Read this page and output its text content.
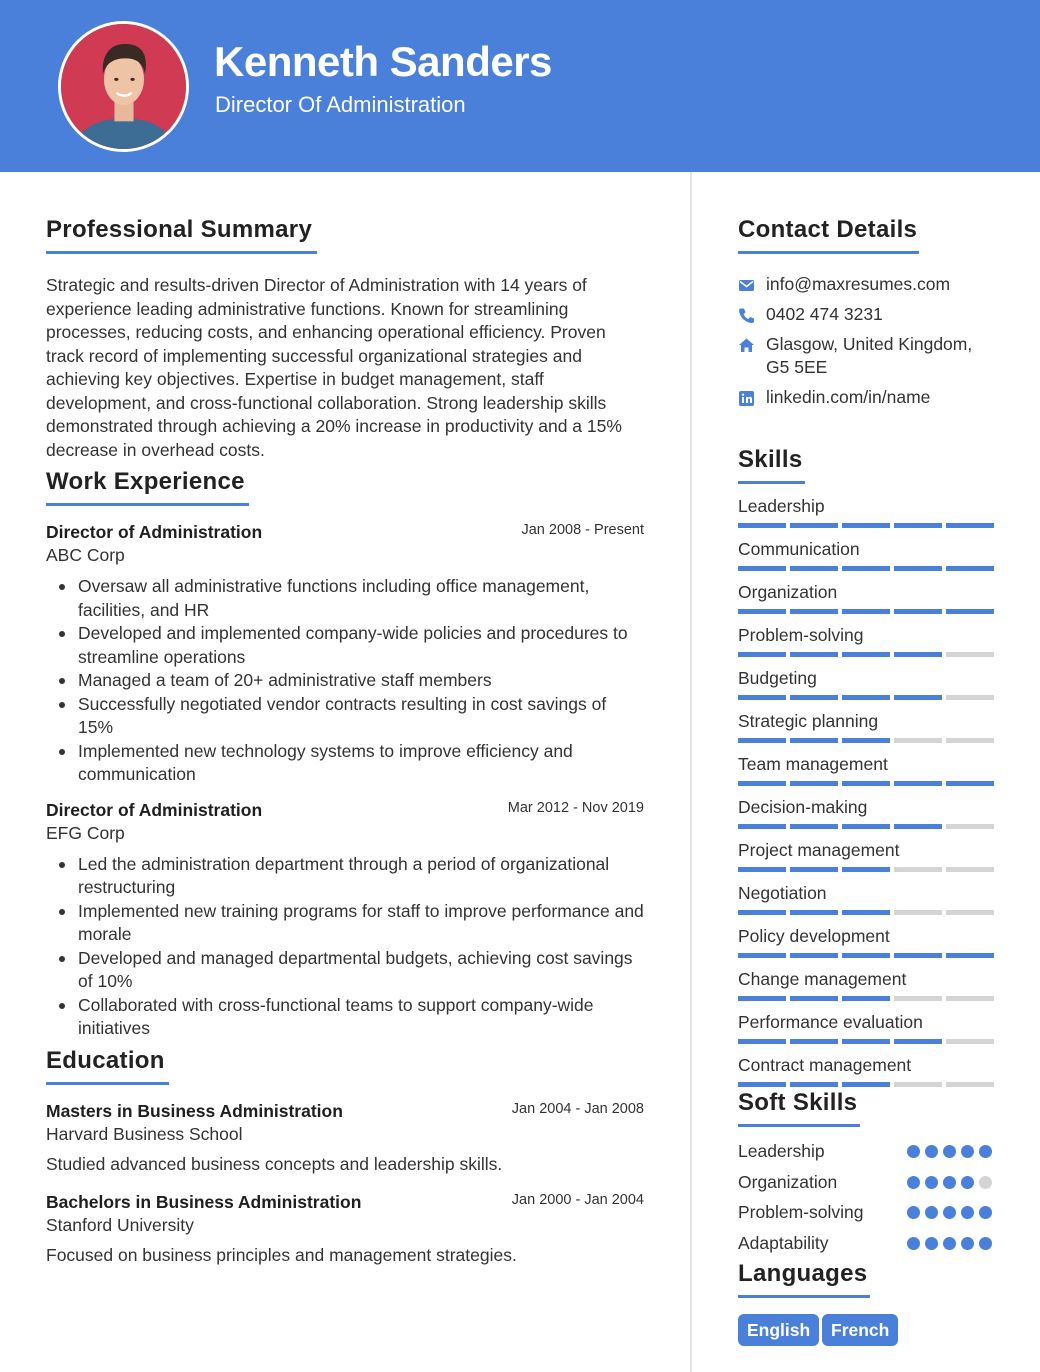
Kenneth Sanders
Director Of Administration
Professional Summary

Strategic and results-driven Director of Administration with 14 years of experience leading administrative functions. Known for streamlining processes, reducing costs, and enhancing operational efficiency. Proven track record of implementing successful organizational strategies and achieving key objectives. Expertise in budget management, staff development, and cross-functional collaboration. Strong leadership skills demonstrated through achieving a 20% increase in productivity and a 15% decrease in overhead costs.

Work Experience
Director of Administration	Jan 2008 - Present
ABC Corp
Oversaw all administrative functions including office management, facilities, and HR
Developed and implemented company-wide policies and procedures to streamline operations
Managed a team of 20+ administrative staff members
Successfully negotiated vendor contracts resulting in cost savings of 15%
Implemented new technology systems to improve efficiency and communication
Director of Administration	Mar 2012 - Nov 2019
EFG Corp
Led the administration department through a period of organizational restructuring
Implemented new training programs for staff to improve performance and morale
Developed and managed departmental budgets, achieving cost savings of 10%
Collaborated with cross-functional teams to support company-wide initiatives
Education
Masters in Business Administration	Jan 2004 - Jan 2008
Harvard Business School

Studied advanced business concepts and leadership skills.

Bachelors in Business Administration	Jan 2000 - Jan 2004
Stanford University

Focused on business principles and management strategies.

Contact Details
info@maxresumes.com
0402 474 3231
Glasgow, United Kingdom,
G5 5EE
linkedin.com/in/name
Skills
Leadership
Communication
Organization
Problem-solving
Budgeting
Strategic planning
Team management
Decision-making
Project management
Negotiation
Policy development
Change management
Performance evaluation
Contract management
Soft Skills
Leadership
Organization
Problem-solving
Adaptability
Languages
English	French
